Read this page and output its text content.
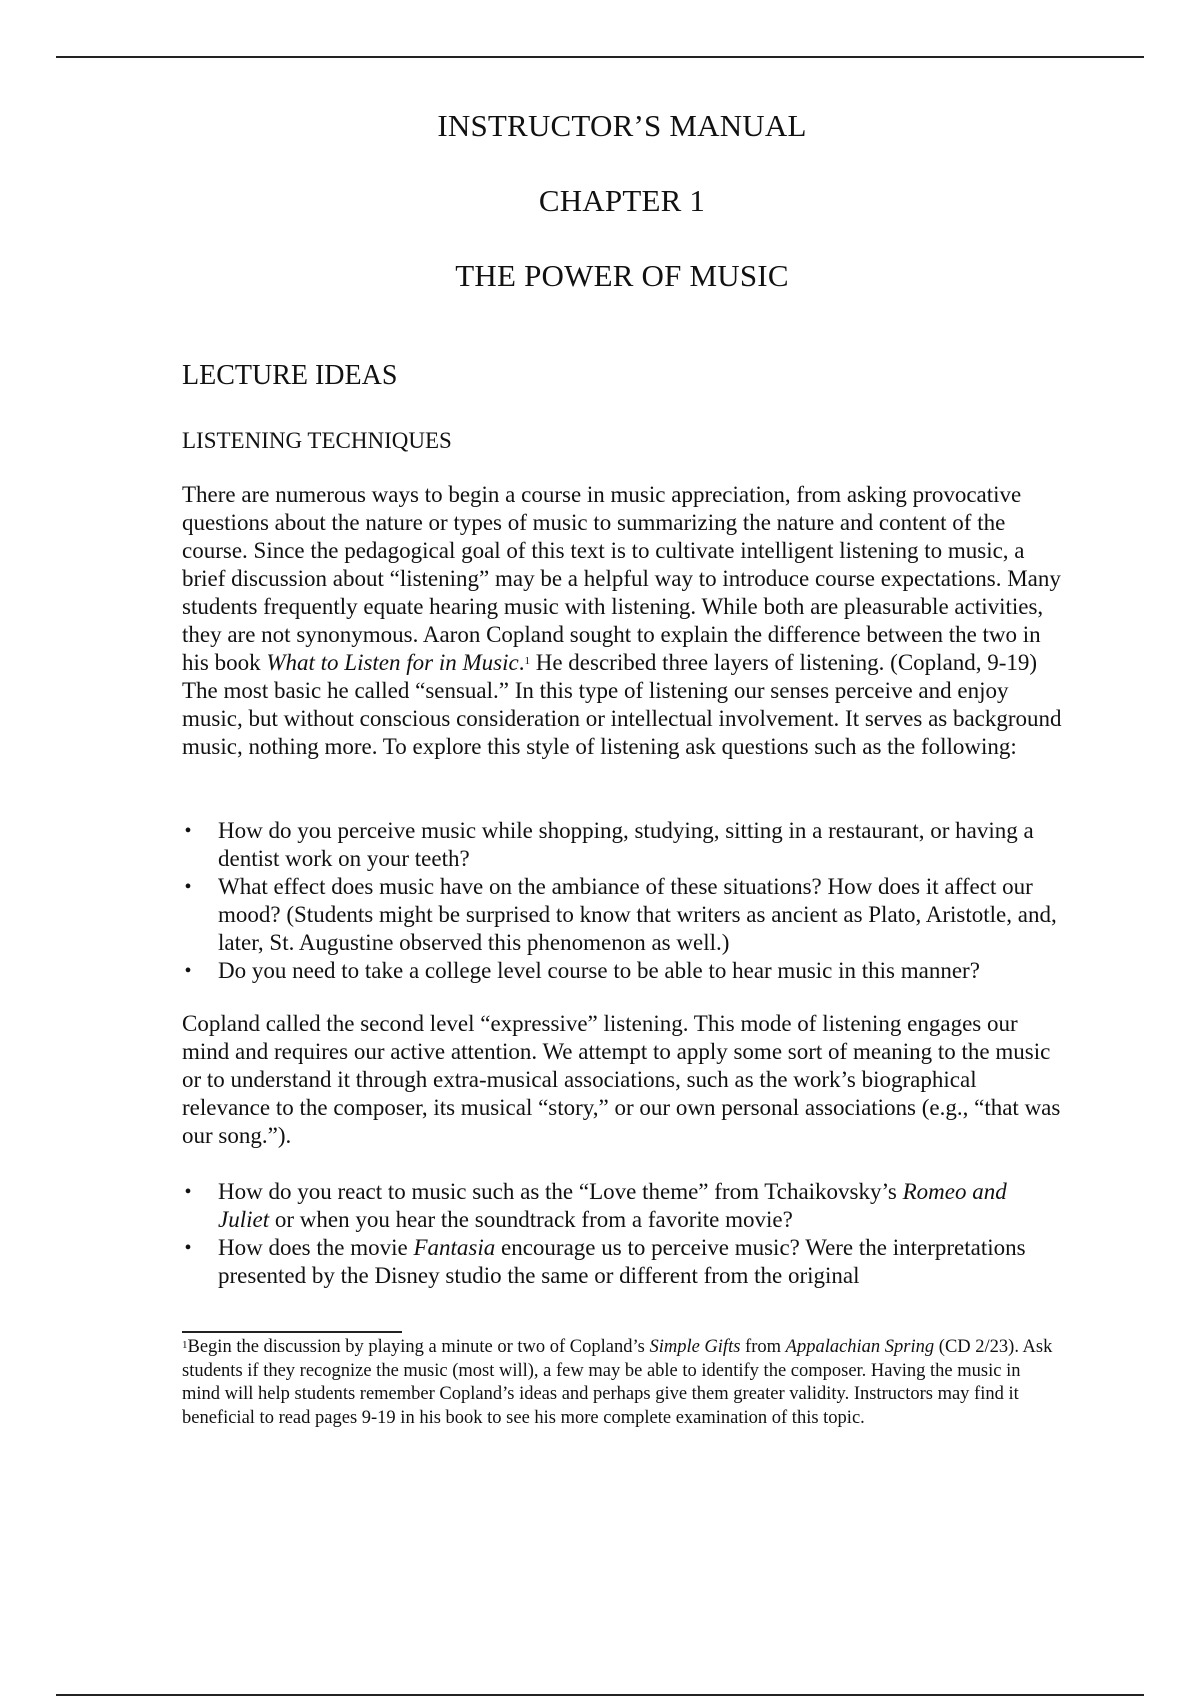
INSTRUCTOR’S MANUAL
CHAPTER 1
THE POWER OF MUSIC
LECTURE IDEAS
LISTENING TECHNIQUES

There are numerous ways to begin a course in music appreciation, from asking provocative questions about the nature or types of music to summarizing the nature and content of the course. Since the pedagogical goal of this text is to cultivate intelligent listening to music, a brief discussion about “listening” may be a helpful way to introduce course expectations. Many students frequently equate hearing music with listening. While both are pleasurable activities, they are not synonymous. Aaron Copland sought to explain the difference between the two in his book What to Listen for in Music.$^1$ He described three layers of listening. (Copland, 9-19) The most basic he called “sensual.” In this type of listening our senses perceive and enjoy music, but without conscious consideration or intellectual involvement. It serves as background music, nothing more. To explore this style of listening ask questions such as the following:

• How do you perceive music while shopping, studying, sitting in a restaurant, or having a dentist work on your teeth?
• What effect does music have on the ambiance of these situations? How does it affect our mood? (Students might be surprised to know that writers as ancient as Plato, Aristotle, and, later, St. Augustine observed this phenomenon as well.)
• Do you need to take a college level course to be able to hear music in this manner?

Copland called the second level “expressive” listening. This mode of listening engages our mind and requires our active attention. We attempt to apply some sort of meaning to the music or to understand it through extra-musical associations, such as the work’s biographical relevance to the composer, its musical “story,” or our own personal associations (e.g., “that was our song.”).

• How do you react to music such as the “Love theme” from Tchaikovsky’s Romeo and Juliet or when you hear the soundtrack from a favorite movie?
• How does the movie Fantasia encourage us to perceive music? Were the interpretations presented by the Disney studio the same or different from the original
$^1$Begin the discussion by playing a minute or two of Copland’s Simple Gifts from Appalachian Spring (CD 2/23). Ask students if they recognize the music (most will), a few may be able to identify the composer. Having the music in mind will help students remember Copland’s ideas and perhaps give them greater validity. Instructors may find it beneficial to read pages 9-19 in his book to see his more complete examination of this topic.
